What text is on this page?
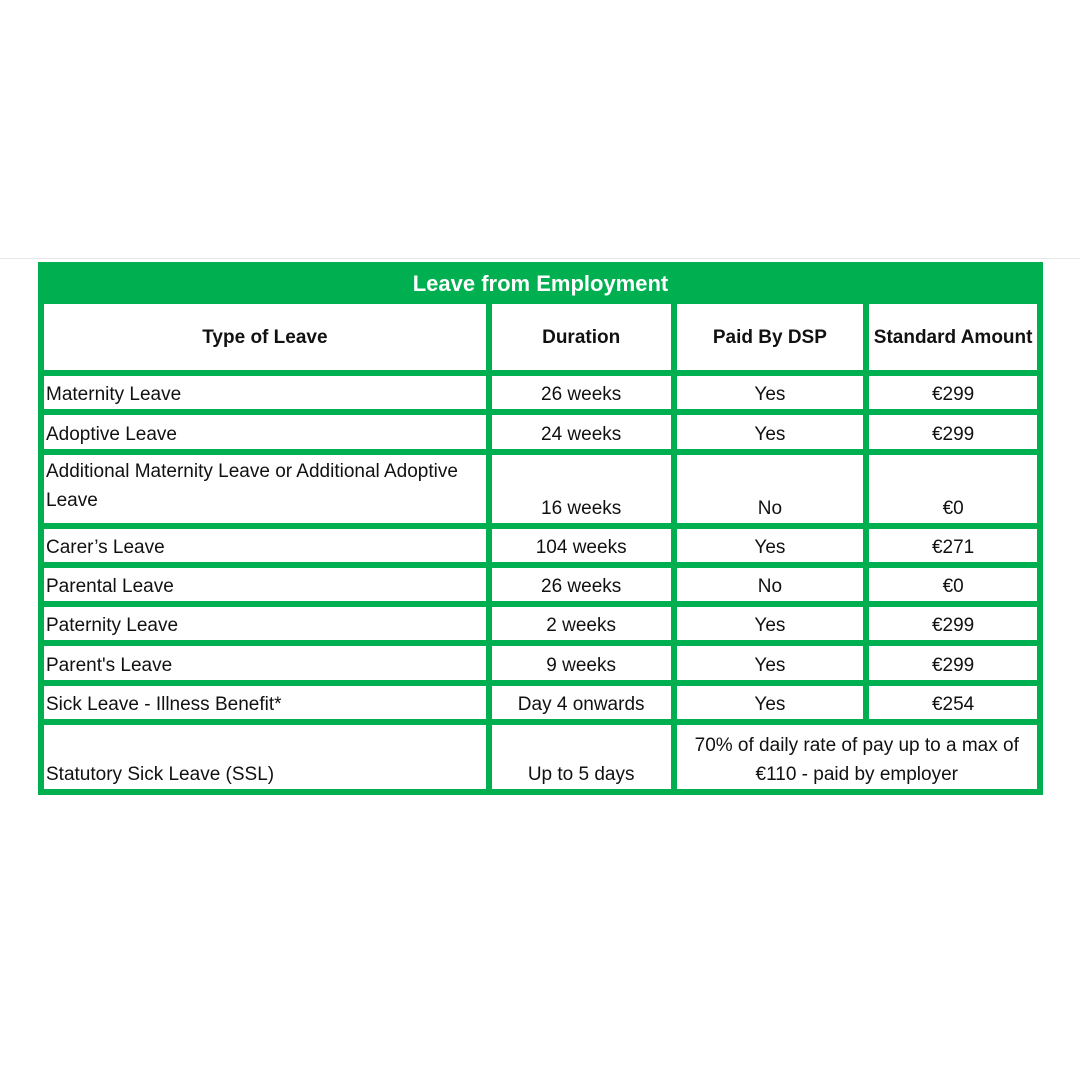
Leave from Employment			
Type of Leave	Duration	Paid By DSP	Standard Amount
Maternity Leave	26 weeks	Yes	€299
Adoptive Leave	24 weeks	Yes	€299
Additional Maternity Leave or Additional Adoptive Leave	16 weeks	No	€0
Carer’s Leave	104 weeks	Yes	€271
Parental Leave	26 weeks	No	€0
Paternity Leave	2 weeks	Yes	€299
Parent's Leave	9 weeks	Yes	€299
Sick Leave - Illness Benefit*	Day 4 onwards	Yes	€254
Statutory Sick Leave (SSL)	Up to 5 days	70% of daily rate of pay up to a max of €110 - paid by employer	
